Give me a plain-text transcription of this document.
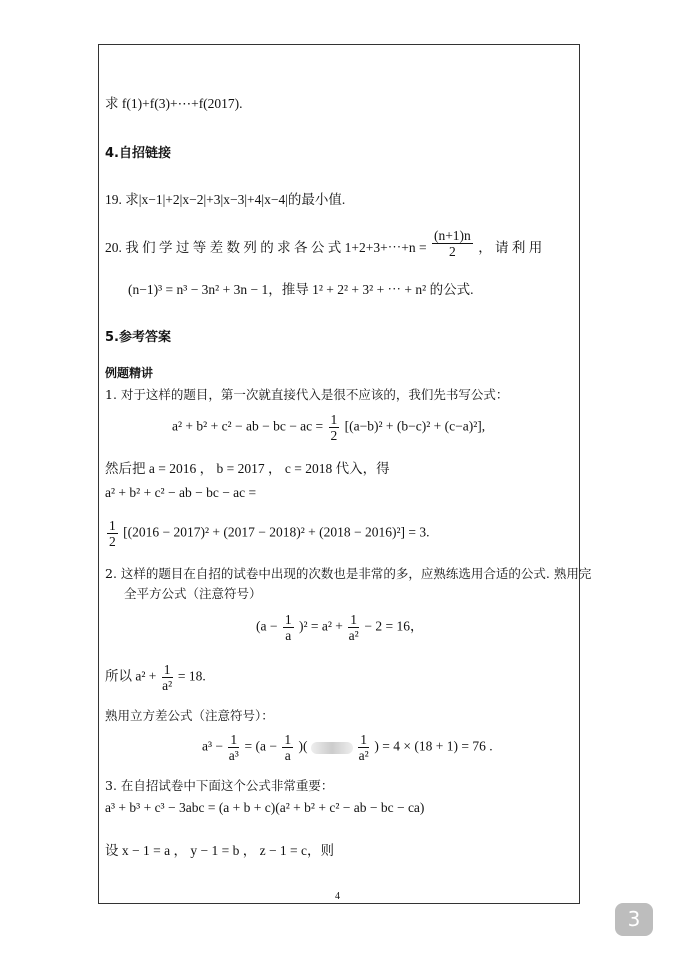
求 f(1)+f(3)+⋯+f(2017).
4.自招链接
19. 求|x−1|+2|x−2|+3|x−3|+4|x−4|的最小值.
20. 我 们 学 过 等 差 数 列 的 求 各 公 式 1+2+3+⋯+n = $\frac{(n+1)n}{2}$ ， 请 利 用
(n−1)³ = n³ − 3n² + 3n − 1，推导 1² + 2² + 3² + ⋯ + n² 的公式.
5.参考答案
例题精讲
1. 对于这样的题目，第一次就直接代入是很不应该的，我们先书写公式：
a² + b² + c² − ab − bc − ac = $\frac{1}{2} [(a-b)^2 + (b-c)^2 + (c-a)^2]$,
然后把 a = 2016 ， b = 2017 ， c = 2018 代入，得
a² + b² + c² − ab − bc − ac =
$\frac{1}{2} [(2016 - 2017)^2 + (2017 - 2018)^2 + (2018 - 2016)^2] = 3$.
2. 这样的题目在自招的试卷中出现的次数也是非常的多，应熟练选用合适的公式. 熟用完
全平方公式（注意符号）
$(a - \frac{1}{a} )^2 = a^2 + \frac{1}{\text{a²}} - 2 = 16$，
所以 $a^2 + \frac{1}{\text{a²}} = 18$.
熟用立方差公式（注意符号）：
$a^3 - \frac{1}{\text{a³}} = (a - \frac{1}{a}$ )(	$\frac{1}{\text{a²}}$ ) = 4 × (18 + 1) = 76 .
3. 在自招试卷中下面这个公式非常重要：
a³ + b³ + c³ − 3abc = (a + b + c)(a² + b² + c² − ab − bc − ca)
设 x − 1 = a ， y − 1 = b ， z − 1 = c，则
4
3
